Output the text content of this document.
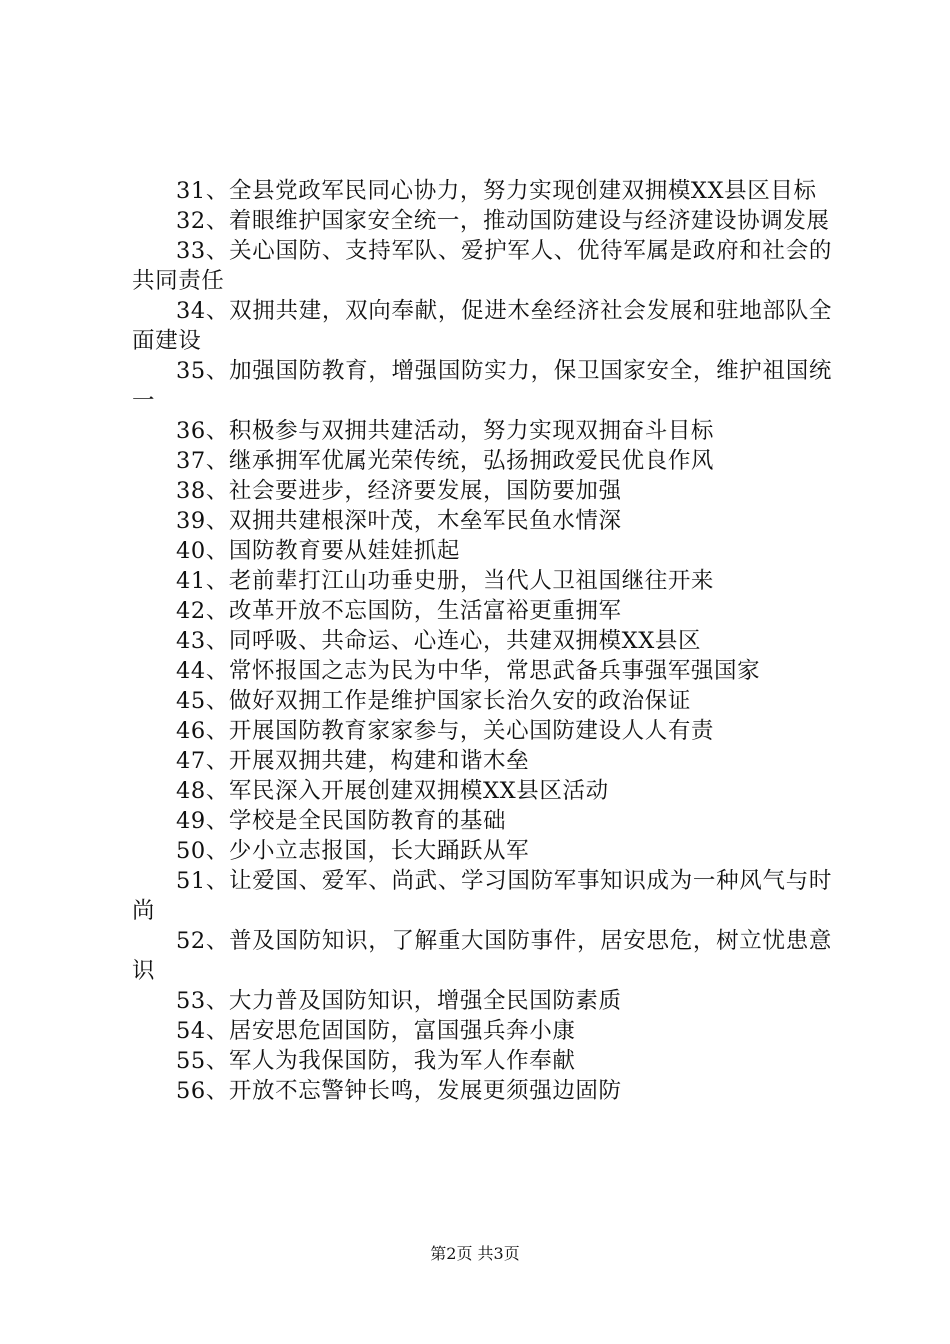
31、全县党政军民同心协力，努力实现创建双拥模XX县区目标

32、着眼维护国家安全统一，推动国防建设与经济建设协调发展

33、关心国防、支持军队、爱护军人、优待军属是政府和社会的共同责任

34、双拥共建，双向奉献，促进木垒经济社会发展和驻地部队全面建设

35、加强国防教育，增强国防实力，保卫国家安全，维护祖国统一

36、积极参与双拥共建活动，努力实现双拥奋斗目标

37、继承拥军优属光荣传统，弘扬拥政爱民优良作风

38、社会要进步，经济要发展，国防要加强

39、双拥共建根深叶茂，木垒军民鱼水情深

40、国防教育要从娃娃抓起

41、老前辈打江山功垂史册，当代人卫祖国继往开来

42、改革开放不忘国防，生活富裕更重拥军

43、同呼吸、共命运、心连心，共建双拥模XX县区

44、常怀报国之志为民为中华，常思武备兵事强军强国家

45、做好双拥工作是维护国家长治久安的政治保证

46、开展国防教育家家参与，关心国防建设人人有责

47、开展双拥共建，构建和谐木垒

48、军民深入开展创建双拥模XX县区活动

49、学校是全民国防教育的基础

50、少小立志报国，长大踊跃从军

51、让爱国、爱军、尚武、学习国防军事知识成为一种风气与时尚

52、普及国防知识，了解重大国防事件，居安思危，树立忧患意识

53、大力普及国防知识，增强全民国防素质

54、居安思危固国防，富国强兵奔小康

55、军人为我保国防，我为军人作奉献

56、开放不忘警钟长鸣，发展更须强边固防

第2页 共3页
